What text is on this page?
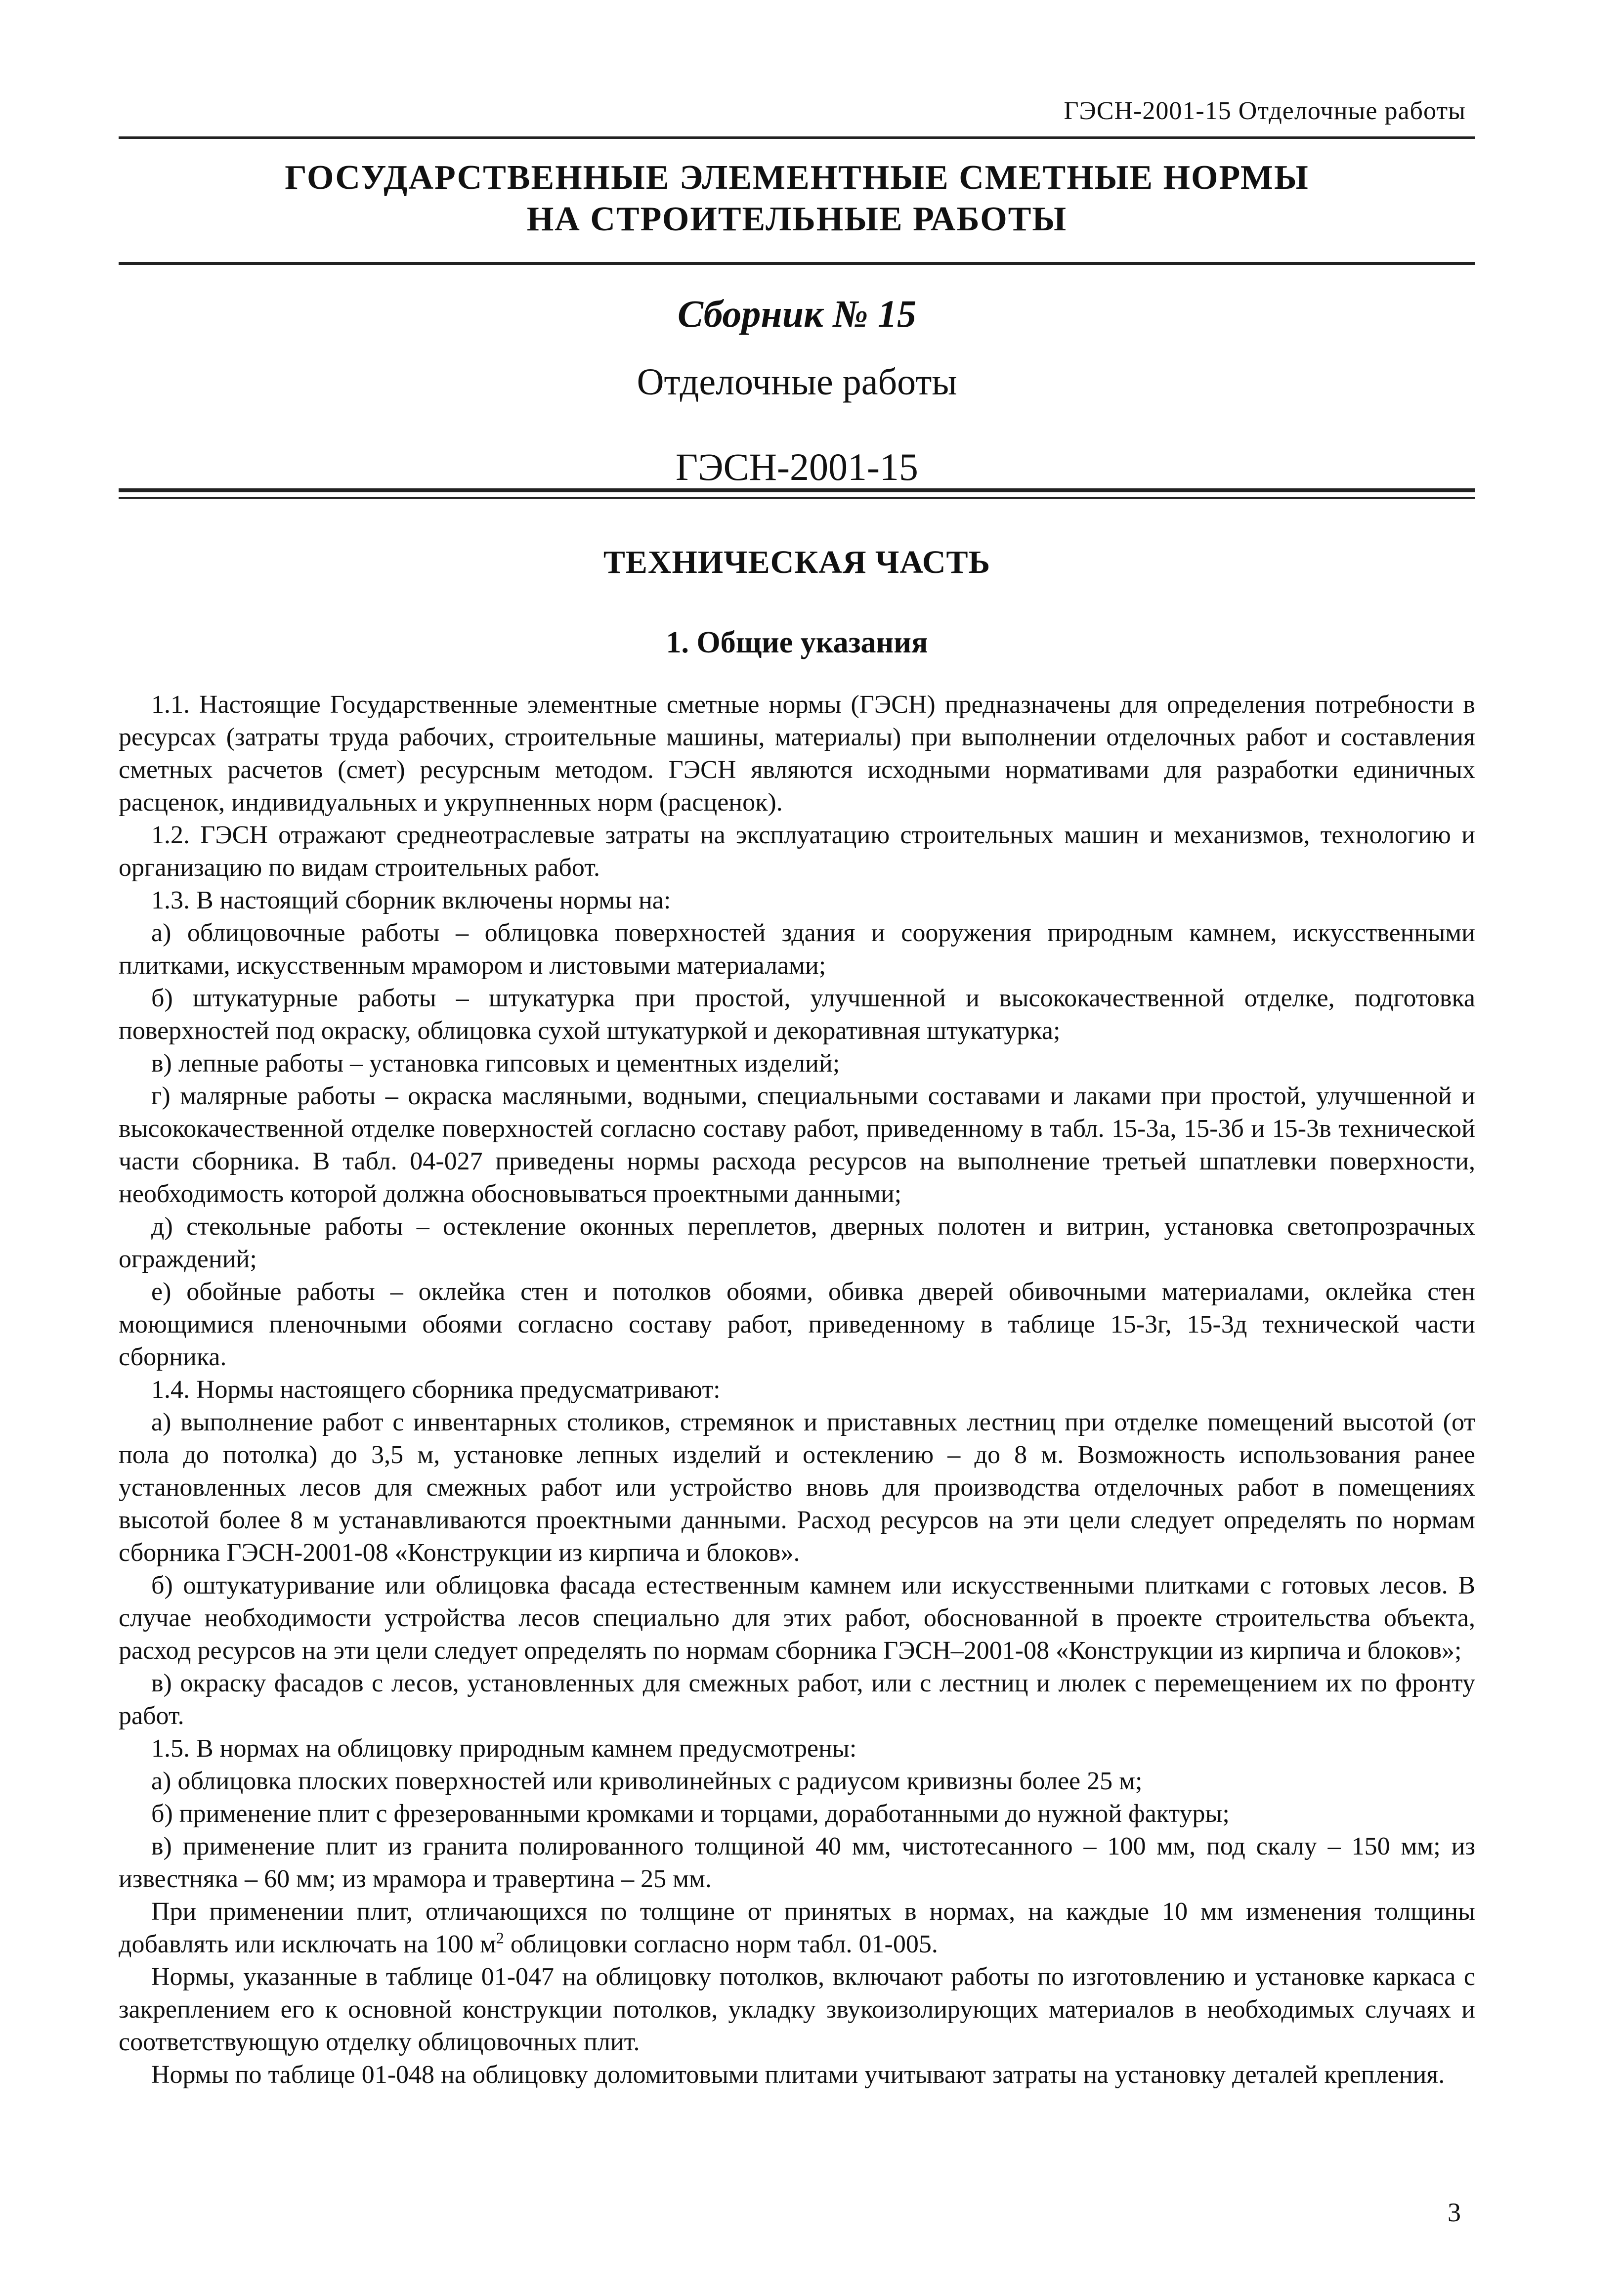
ГЭСН-2001-15 Отделочные работы
ГОСУДАРСТВЕННЫЕ ЭЛЕМЕНТНЫЕ СМЕТНЫЕ НОРМЫ
НА СТРОИТЕЛЬНЫЕ РАБОТЫ
Сборник № 15
Отделочные работы
ГЭСН-2001-15
ТЕХНИЧЕСКАЯ ЧАСТЬ
1. Общие указания

1.1. Настоящие Государственные элементные сметные нормы (ГЭСН) предназначены для определения потребности в ресурсах (затраты труда рабочих, строительные машины, материалы) при выполнении отделочных работ и составления сметных расчетов (смет) ресурсным методом. ГЭСН являются исходными нормативами для разработки единичных расценок, индивидуальных и укрупненных норм (расценок).

1.2. ГЭСН отражают среднеотраслевые затраты на эксплуатацию строительных машин и механизмов, технологию и организацию по видам строительных работ.

1.3. В настоящий сборник включены нормы на:

а) облицовочные работы – облицовка поверхностей здания и сооружения природным камнем, искусственными плитками, искусственным мрамором и листовыми материалами;

б) штукатурные работы – штукатурка при простой, улучшенной и высококачественной отделке, подготовка поверхностей под окраску, облицовка сухой штукатуркой и декоративная штукатурка;

в) лепные работы – установка гипсовых и цементных изделий;

г) малярные работы – окраска масляными, водными, специальными составами и лаками при простой, улучшенной и высококачественной отделке поверхностей согласно составу работ, приведенному в табл. 15-3а, 15-3б и 15-3в технической части сборника. В табл. 04-027 приведены нормы расхода ресурсов на выполнение третьей шпатлевки поверхности, необходимость которой должна обосновываться проектными данными;

д) стекольные работы – остекление оконных переплетов, дверных полотен и витрин, установка светопрозрачных ограждений;

е) обойные работы – оклейка стен и потолков обоями, обивка дверей обивочными материалами, оклейка стен моющимися пленочными обоями согласно составу работ, приведенному в таблице 15-3г, 15-3д технической части сборника.

1.4. Нормы настоящего сборника предусматривают:

а) выполнение работ с инвентарных столиков, стремянок и приставных лестниц при отделке помещений высотой (от пола до потолка) до 3,5 м, установке лепных изделий и остеклению – до 8 м. Возможность использования ранее установленных лесов для смежных работ или устройство вновь для производства отделочных работ в помещениях высотой более 8 м устанавливаются проектными данными. Расход ресурсов на эти цели следует определять по нормам сборника ГЭСН-2001-08 «Конструкции из кирпича и блоков».

б) оштукатуривание или облицовка фасада естественным камнем или искусственными плитками с готовых лесов. В случае необходимости устройства лесов специально для этих работ, обоснованной в проекте строительства объекта, расход ресурсов на эти цели следует определять по нормам сборника ГЭСН–2001-08 «Конструкции из кирпича и блоков»;

в) окраску фасадов с лесов, установленных для смежных работ, или с лестниц и люлек с перемещением их по фронту работ.

1.5. В нормах на облицовку природным камнем предусмотрены:

а) облицовка плоских поверхностей или криволинейных с радиусом кривизны более 25 м;

б) применение плит с фрезерованными кромками и торцами, доработанными до нужной фактуры;

в) применение плит из гранита полированного толщиной 40 мм, чистотесанного – 100 мм, под скалу – 150 мм; из известняка – 60 мм; из мрамора и травертина – 25 мм.

При применении плит, отличающихся по толщине от принятых в нормах, на каждые 10 мм изменения толщины добавлять или исключать на 100 $м^2$ облицовки согласно норм табл. 01-005.

Нормы, указанные в таблице 01-047 на облицовку потолков, включают работы по изготовлению и установке каркаса с закреплением его к основной конструкции потолков, укладку звукоизолирующих материалов в необходимых случаях и соответствующую отделку облицовочных плит.

Нормы по таблице 01-048 на облицовку доломитовыми плитами учитывают затраты на установку деталей крепления.

3
